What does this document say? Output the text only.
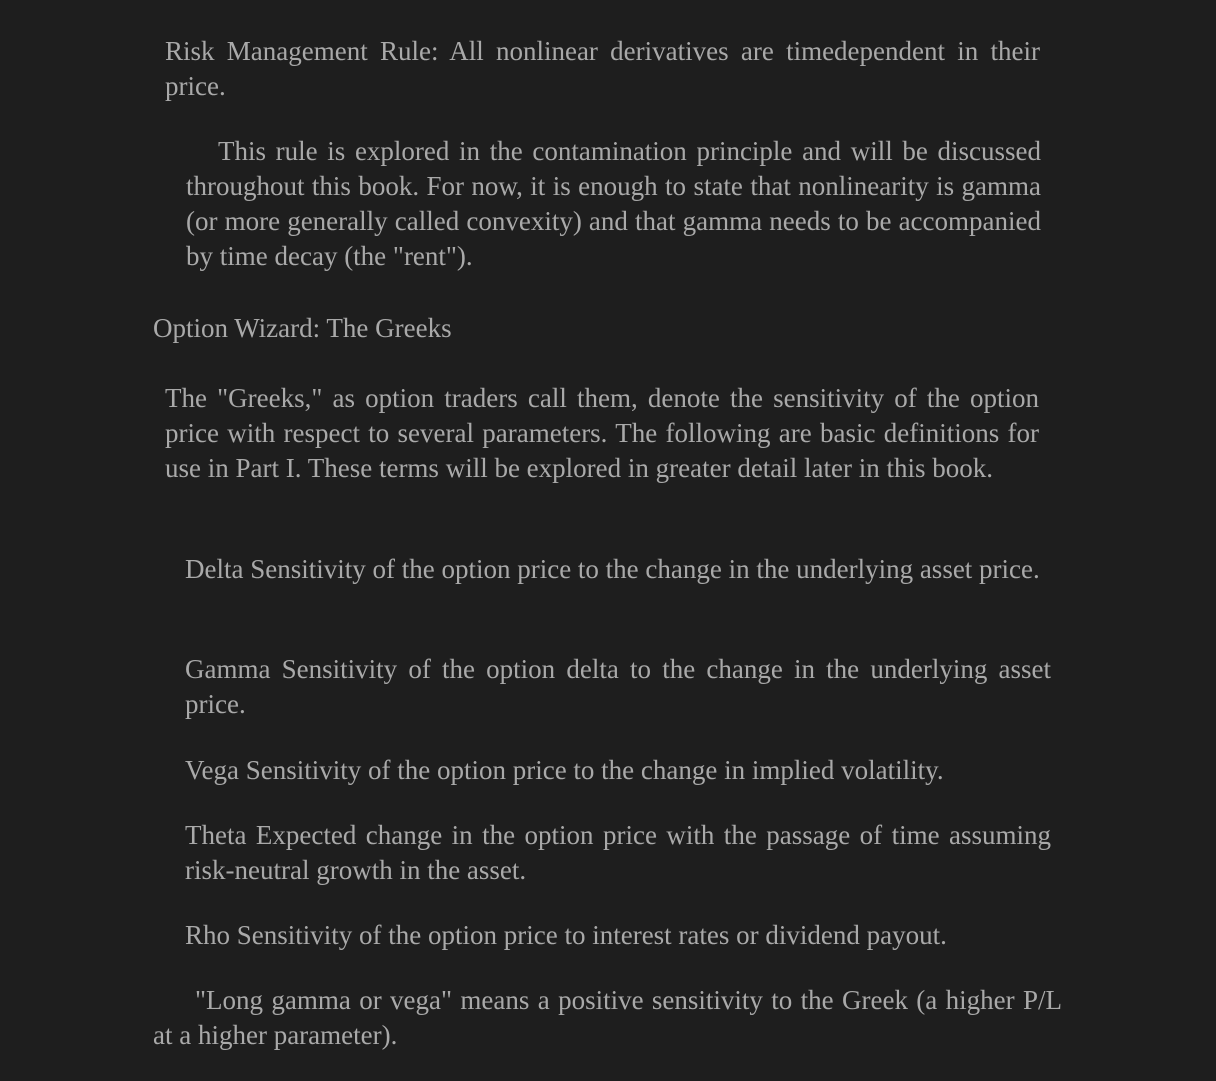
Risk Management Rule: All nonlinear derivatives are timedependent in their price.

This rule is explored in the contamination principle and will be discussed throughout this book. For now, it is enough to state that nonlinearity is gamma (or more generally called convexity) and that gamma needs to be accompanied by time decay (the "rent").

Option Wizard: The Greeks

The "Greeks," as option traders call them, denote the sensitivity of the option price with respect to several parameters. The following are basic definitions for use in Part I. These terms will be explored in greater detail later in this book.

Delta Sensitivity of the option price to the change in the underlying asset price.

Gamma Sensitivity of the option delta to the change in the underlying asset price.

Vega Sensitivity of the option price to the change in implied volatility.

Theta Expected change in the option price with the passage of time assuming risk-neutral growth in the asset.

Rho Sensitivity of the option price to interest rates or dividend payout.

"Long gamma or vega" means a positive sensitivity to the Greek (a higher P/L at a higher parameter).
